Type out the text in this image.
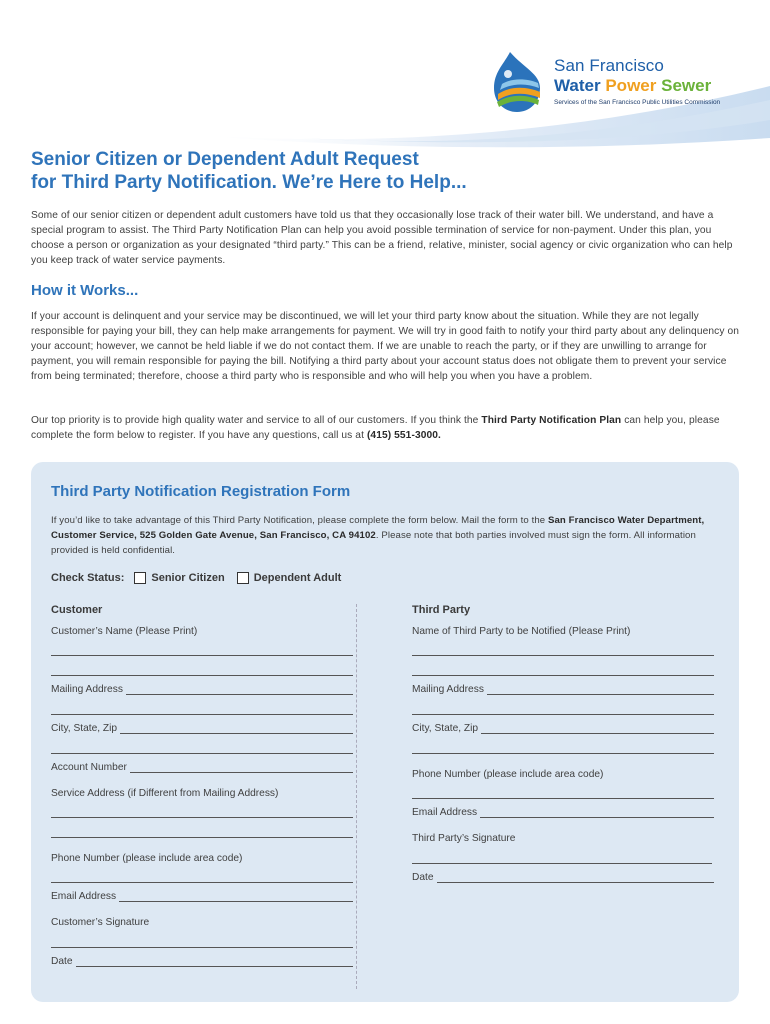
San Francisco
Water Power Sewer
Services of the San Francisco Public Utilities Commission
Senior Citizen or Dependent Adult Request
for Third Party Notification. We’re Here to Help...

Some of our senior citizen or dependent adult customers have told us that they occasionally lose track of their water bill. We understand, and have a special program to assist. The Third Party Notification Plan can help you avoid possible termination of service for non-payment. Under this plan, you choose a person or organization as your designated “third party.” This can be a friend, relative, minister, social agency or civic organization who can help you keep track of water service payments.

How it Works...

If your account is delinquent and your service may be discontinued, we will let your third party know about the situation. While they are not legally responsible for paying your bill, they can help make arrangements for payment. We will try in good faith to notify your third party about any delinquency on your account; however, we cannot be held liable if we do not contact them. If we are unable to reach the party, or if they are unwilling to arrange for payment, you will remain responsible for paying the bill. Notifying a third party about your account status does not obligate them to prevent your service from being terminated; therefore, choose a third party who is responsible and who will help you when you have a problem.

Our top priority is to provide high quality water and service to all of our customers. If you think the Third Party Notification Plan can help you, please complete the form below to register. If you have any questions, call us at (415) 551-3000.

Third Party Notification Registration Form

If you’d like to take advantage of this Third Party Notification, please complete the form below. Mail the form to the San Francisco Water Department, Customer Service, 525 Golden Gate Avenue, San Francisco, CA 94102. Please note that both parties involved must sign the form. All information provided is held confidential.

Check Status: Senior Citizen	Dependent Adult
Customer
Customer’s Name (Please Print)
Mailing Address
City, State, Zip
Account Number
Service Address (if Different from Mailing Address)
Phone Number (please include area code)
Email Address
Customer’s Signature
Date
Third Party
Name of Third Party to be Notified (Please Print)
Mailing Address
City, State, Zip
Phone Number (please include area code)
Email Address
Third Party’s Signature
Date
